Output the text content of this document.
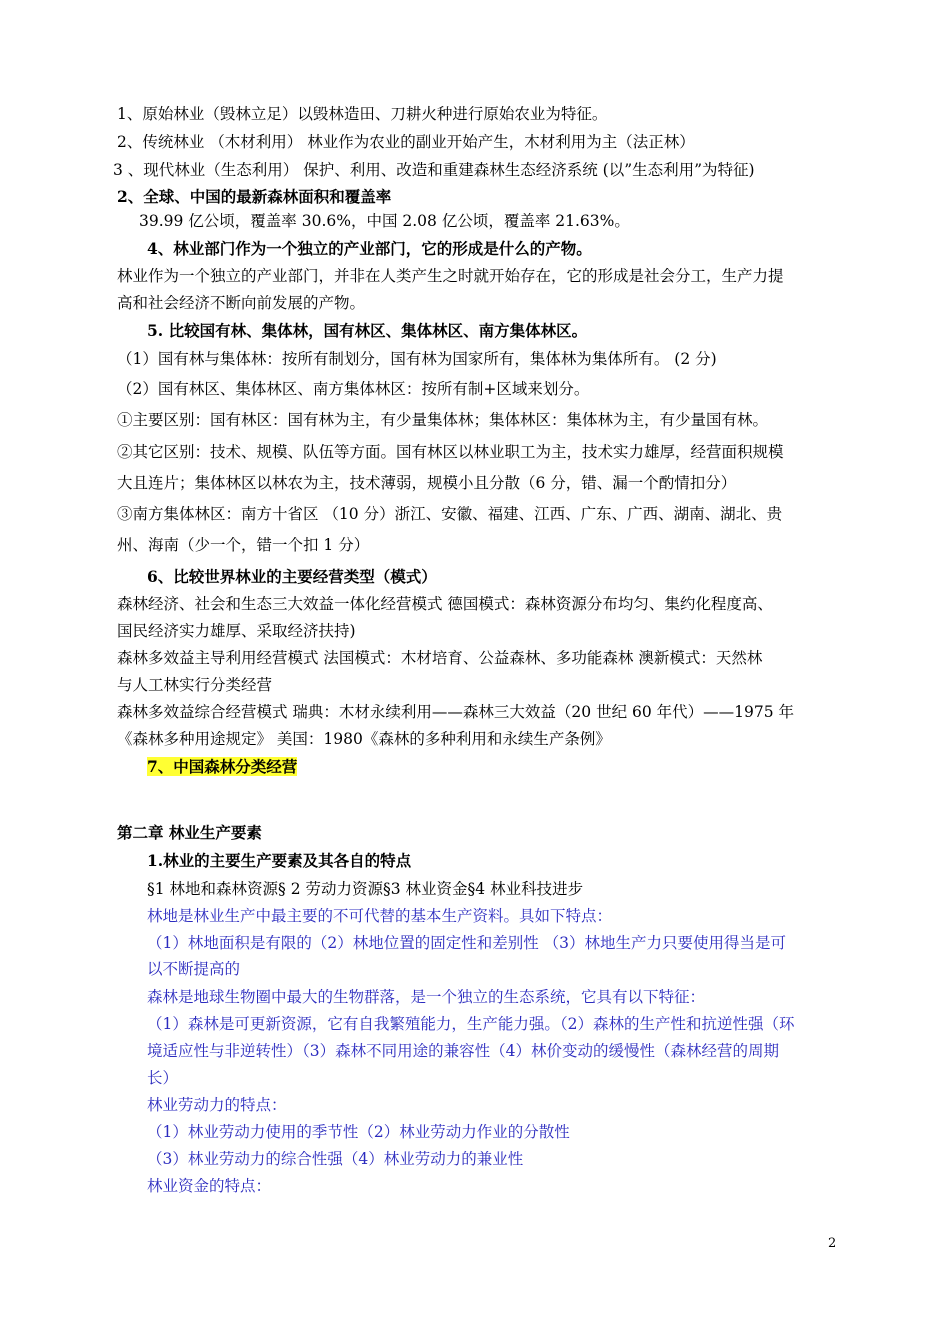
1、原始林业（毁林立足）以毁林造田、刀耕火种进行原始农业为特征。
2、传统林业 （木材利用） 林业作为农业的副业开始产生，木材利用为主（法正林）
3 、现代林业（生态利用） 保护、利用、改造和重建森林生态经济系统 (以”生态利用”为特征)
2、全球、中国的最新森林面积和覆盖率
39.99 亿公顷，覆盖率 30.6%，中国 2.08 亿公顷，覆盖率 21.63%。
4、林业部门作为一个独立的产业部门，它的形成是什么的产物。
林业作为一个独立的产业部门，并非在人类产生之时就开始存在，它的形成是社会分工，生产力提
高和社会经济不断向前发展的产物。
5. 比较国有林、集体林，国有林区、集体林区、南方集体林区。
（1）国有林与集体林：按所有制划分，国有林为国家所有，集体林为集体所有。 (2 分)
（2）国有林区、集体林区、南方集体林区：按所有制+区域来划分。
①主要区别：国有林区：国有林为主，有少量集体林；集体林区：集体林为主，有少量国有林。
②其它区别：技术、规模、队伍等方面。国有林区以林业职工为主，技术实力雄厚，经营面积规模
大且连片；集体林区以林农为主，技术薄弱，规模小且分散（6 分，错、漏一个酌情扣分）
③南方集体林区：南方十省区 （10 分）浙江、安徽、福建、江西、广东、广西、湖南、湖北、贵
州、海南（少一个，错一个扣 1 分）
6、比较世界林业的主要经营类型（模式）
森林经济、社会和生态三大效益一体化经营模式 德国模式：森林资源分布均匀、集约化程度高、
国民经济实力雄厚、采取经济扶持)
森林多效益主导利用经营模式 法国模式：木材培育、公益森林、多功能森林 澳新模式：天然林
与人工林实行分类经营
森林多效益综合经营模式 瑞典：木材永续利用——森林三大效益（20 世纪 60 年代）——1975 年
《森林多种用途规定》 美国：1980《森林的多种利用和永续生产条例》
7、中国森林分类经营
第二章 林业生产要素
1.林业的主要生产要素及其各自的特点
§1 林地和森林资源§ 2 劳动力资源§3 林业资金§4 林业科技进步
林地是林业生产中最主要的不可代替的基本生产资料。具如下特点：
（1）林地面积是有限的（2）林地位置的固定性和差别性 （3）林地生产力只要使用得当是可
以不断提高的
森林是地球生物圈中最大的生物群落，是一个独立的生态系统，它具有以下特征：
（1）森林是可更新资源，它有自我繁殖能力，生产能力强。（2）森林的生产性和抗逆性强（环
境适应性与非逆转性）（3）森林不同用途的兼容性（4）林价变动的缓慢性（森林经营的周期
长）
林业劳动力的特点：
（1）林业劳动力使用的季节性（2）林业劳动力作业的分散性
（3）林业劳动力的综合性强（4）林业劳动力的兼业性
林业资金的特点：
2
